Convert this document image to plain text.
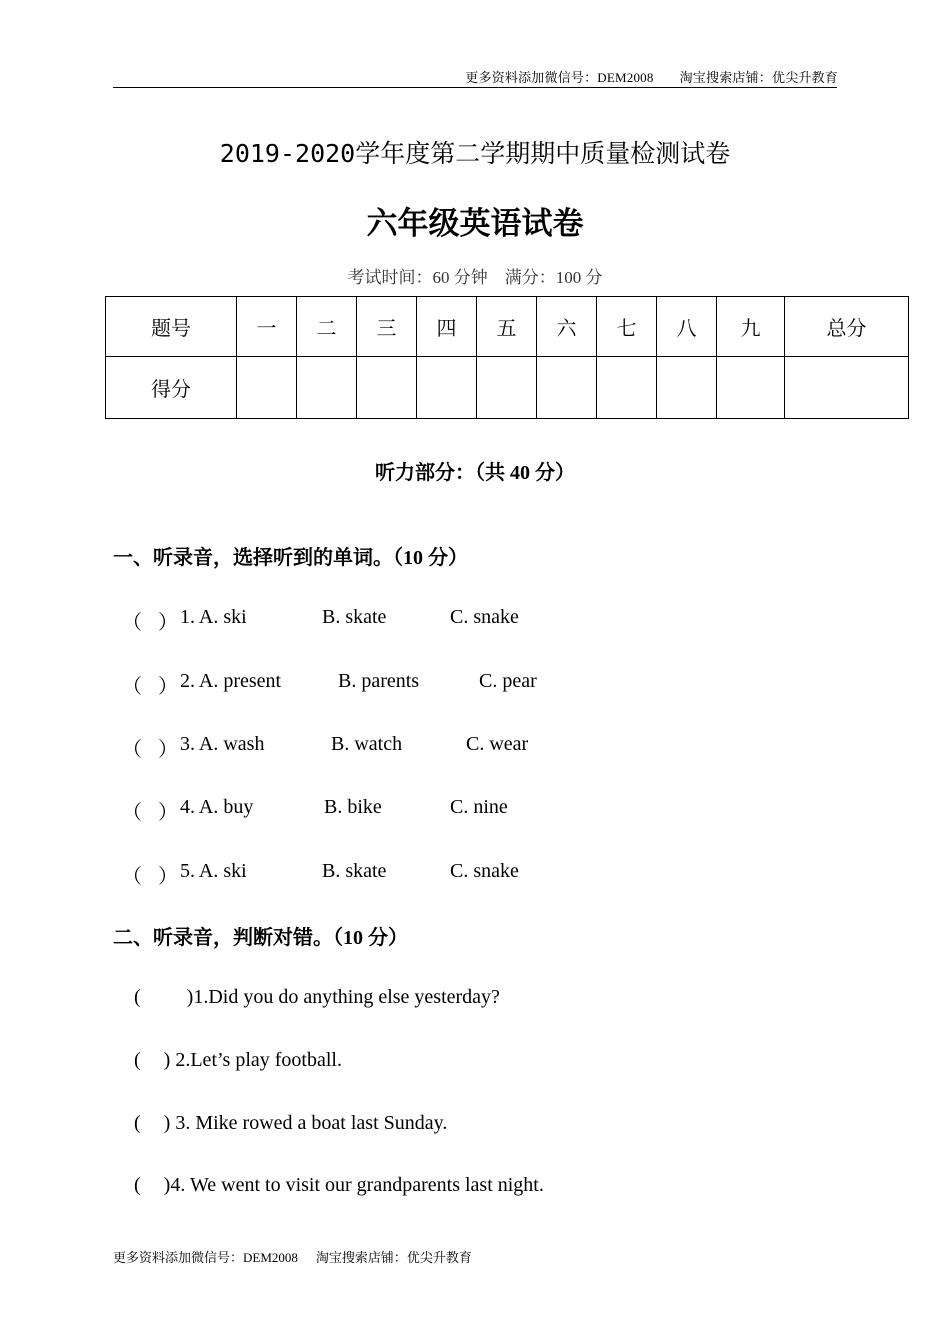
更多资料添加微信号：DEM2008 淘宝搜索店铺：优尖升教育
2019-2020学年度第二学期期中质量检测试卷
六年级英语试卷
考试时间：60 分钟    满分：100 分
题号	一	二	三	四	五	六	七	八	九	总分
得分										
听力部分：（共 40 分）
一、听录音，选择听到的单词。（10 分）
（ ） 1. A. ski	B. skate	C. snake
（ ） 2. A. present	B. parents	C. pear
（ ） 3. A. wash	B. watch	C. wear
（ ） 4. A. buy	B. bike	C. nine
（ ） 5. A. ski	B. skate	C. snake
二、听录音，判断对错。（10 分）
( )1.Did you do anything else yesterday?
( ) 2.Let’s play football.
( ) 3. Mike rowed a boat last Sunday.
( )4. We went to visit our grandparents last night.
更多资料添加微信号：DEM2008 淘宝搜索店铺：优尖升教育
